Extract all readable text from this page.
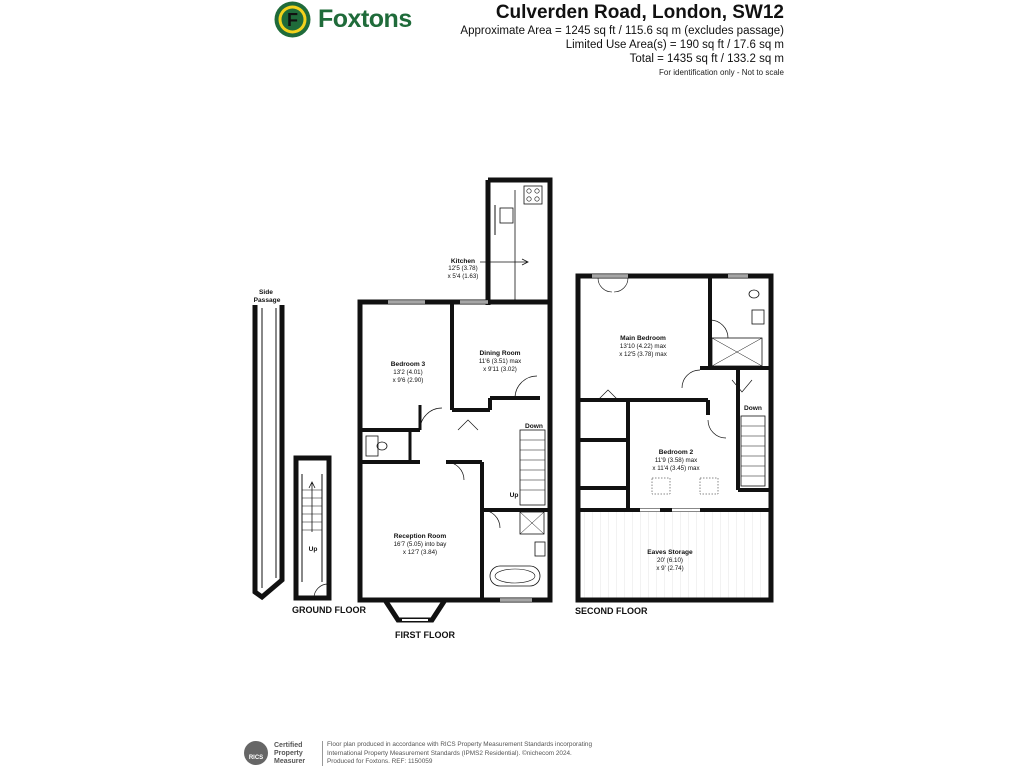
F Foxtons	Culverden Road, London, SW12
Approximate Area = 1245 sq ft / 115.6 sq m (excludes passage)
Limited Use Area(s) = 190 sq ft / 17.6 sq m
Total = 1435 sq ft / 133.2 sq m
For identification only - Not to scale
Side
Passage
Up
Kitchen
12'5 (3.78)
x 5'4 (1.63)
Down
Up
Bedroom 3
13'2 (4.01)
x 9'6 (2.90)
Dining Room
11'6 (3.51) max
x 9'11 (3.02)
Reception Room
16'7 (5.05) into bay
x 12'7 (3.84)
Down
Main Bedroom
13'10 (4.22) max
x 12'5 (3.78) max
Bedroom 2
11'9 (3.58) max
x 11'4 (3.45) max
Eaves Storage
20' (6.10)
x 9' (2.74)
GROUND FLOOR
FIRST FLOOR
SECOND FLOOR
RICS
Certified
Property
Measurer
Floor plan produced in accordance with RICS Property Measurement Standards incorporating
International Property Measurement Standards (IPMS2 Residential). ©nichecom 2024.
Produced for Foxtons. REF: 1150059
